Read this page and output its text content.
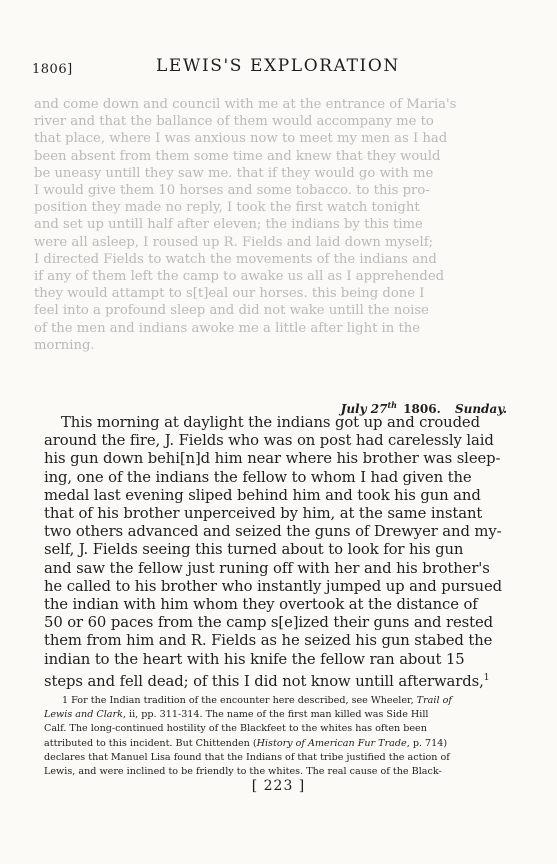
1806]	LEWIS'S EXPLORATION

and come down and council with me at the entrance of Maria's
river and that the ballance of them would accompany me to
that place, where I was anxious now to meet my men as I had
been absent from them some time and knew that they would
be uneasy untill they saw me. that if they would go with me
I would give them 10 horses and some tobacco. to this pro-
position they made no reply, I took the first watch tonight
and set up untill half after eleven; the indians by this time
were all asleep, I roused up R. Fields and laid down myself;
I directed Fields to watch the movements of the indians and
if any of them left the camp to awake us all as I apprehended
they would attampt to s[t]eal our horses. this being done I
feel into a profound sleep and did not wake untill the noise
of the men and indians awoke me a little after light in the
morning.

July 27th 1806. Sunday.

This morning at daylight the indians got up and crouded
around the fire, J. Fields who was on post had carelessly laid
his gun down behi[n]d him near where his brother was sleep-
ing, one of the indians the fellow to whom I had given the
medal last evening sliped behind him and took his gun and
that of his brother unperceived by him, at the same instant
two others advanced and seized the guns of Drewyer and my-
self, J. Fields seeing this turned about to look for his gun
and saw the fellow just runing off with her and his brother's
he called to his brother who instantly jumped up and pursued
the indian with him whom they overtook at the distance of
50 or 60 paces from the camp s[e]ized their guns and rested
them from him and R. Fields as he seized his gun stabed the
indian to the heart with his knife the fellow ran about 15
steps and fell dead; of this I did not know untill afterwards,$^1$

1 For the Indian tradition of the encounter here described, see Wheeler, Trail of
Lewis and Clark, ii, pp. 311-314. The name of the first man killed was Side Hill
Calf. The long-continued hostility of the Blackfeet to the whites has often been
attributed to this incident. But Chittenden (History of American Fur Trade, p. 714)
declares that Manuel Lisa found that the Indians of that tribe justified the action of
Lewis, and were inclined to be friendly to the whites. The real cause of the Black-

[ 223 ]
